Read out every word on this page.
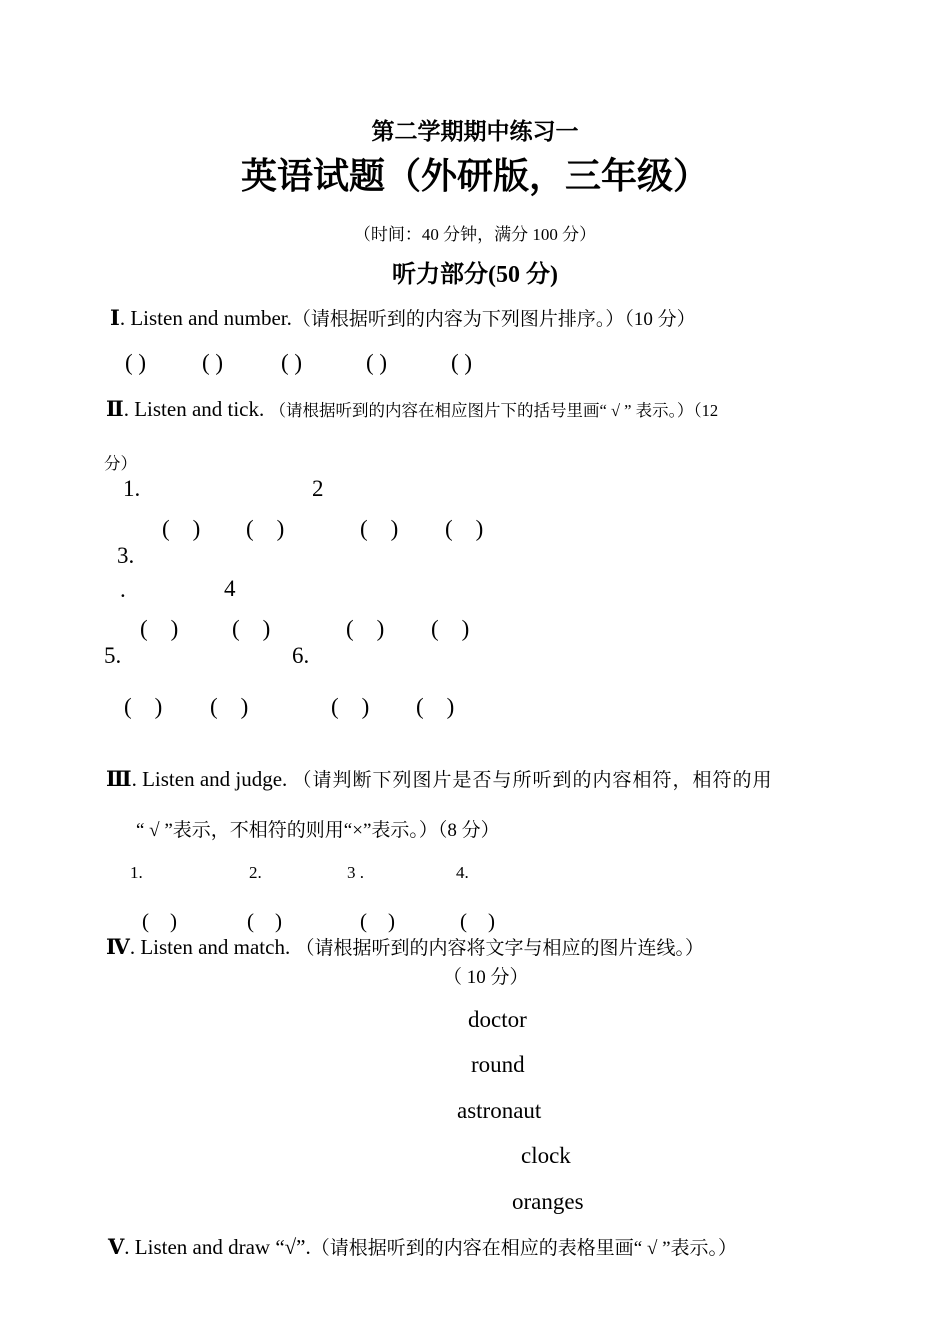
第二学期期中练习一
英语试题（外研版，三年级）
（时间：40 分钟，满分 100 分）
听力部分(50 分)
Ⅰ. Listen and number.（请根据听到的内容为下列图片排序。）（10 分）
( ) ( )	( )	( )	( )
Ⅱ. Listen and tick. （请根据听到的内容在相应图片下的括号里画“ √ ” 表示。）（12
分）
1.	2
(　) (　)	(　) (　)
3.
.	4
(　) (　)	(　) (　)
5.	6.
(　) (　)	(　) (　)
Ⅲ. Listen and judge. （请判断下列图片是否与所听到的内容相符，相符的用
“ √ ”表示，不相符的则用“×”表示。）（8 分）
1.	2.	3 .	4.
(　)	(　)	(　)	(　)
Ⅳ. Listen and match. （请根据听到的内容将文字与相应的图片连线。）
（ 10 分）
doctor
round
astronaut
clock
oranges
Ⅴ. Listen and draw “√”.（请根据听到的内容在相应的表格里画“ √ ”表示。）
